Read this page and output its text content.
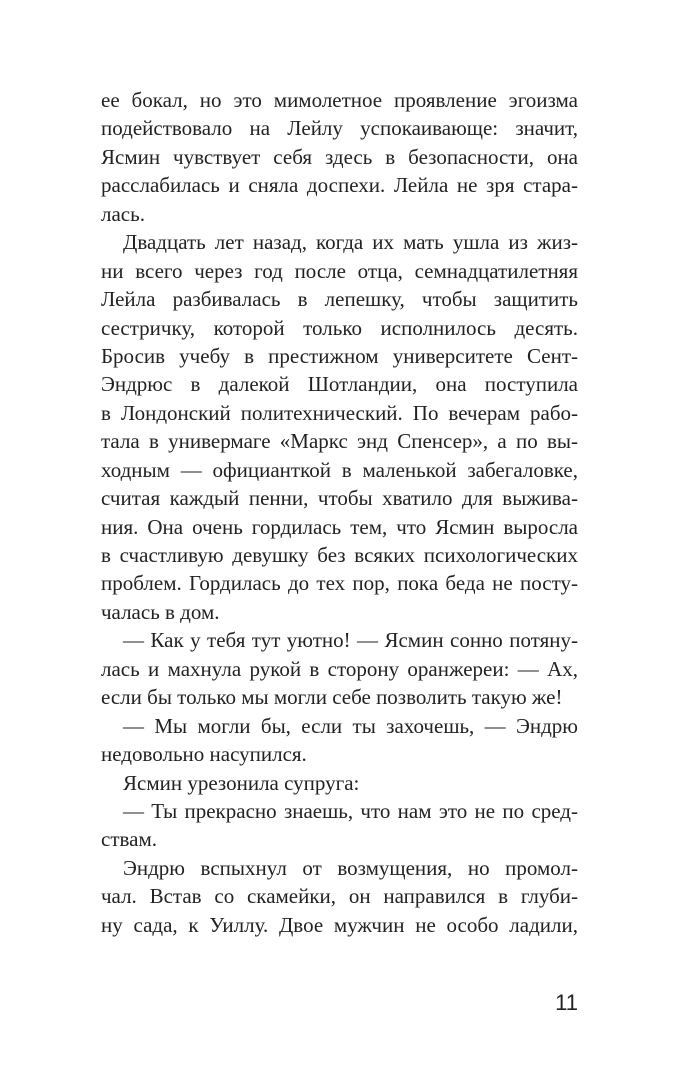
ее бокал, но это мимолетное проявление эгоизма
подействовало на Лейлу успокаивающе: значит,
Ясмин чувствует себя здесь в безопасности, она
расслабилась и сняла доспехи. Лейла не зря стара-
лась.
Двадцать лет назад, когда их мать ушла из жиз-
ни всего через год после отца, семнадцатилетняя
Лейла разбивалась в лепешку, чтобы защитить
сестричку, которой только исполнилось десять.
Бросив учебу в престижном университете Сент-
Эндрюс в далекой Шотландии, она поступила
в Лондонский политехнический. По вечерам рабо-
тала в универмаге «Маркс энд Спенсер», а по вы-
ходным — официанткой в маленькой забегаловке,
считая каждый пенни, чтобы хватило для выжива-
ния. Она очень гордилась тем, что Ясмин выросла
в счастливую девушку без всяких психологических
проблем. Гордилась до тех пор, пока беда не посту-
чалась в дом.
— Как у тебя тут уютно! — Ясмин сонно потяну-
лась и махнула рукой в сторону оранжереи: — Ах,
если бы только мы могли себе позволить такую же!
— Мы могли бы, если ты захочешь, — Эндрю
недовольно насупился.
Ясмин урезонила супруга:
— Ты прекрасно знаешь, что нам это не по сред-
ствам.
Эндрю вспыхнул от возмущения, но промол-
чал. Встав со скамейки, он направился в глуби-
ну сада, к Уиллу. Двое мужчин не особо ладили,
11
